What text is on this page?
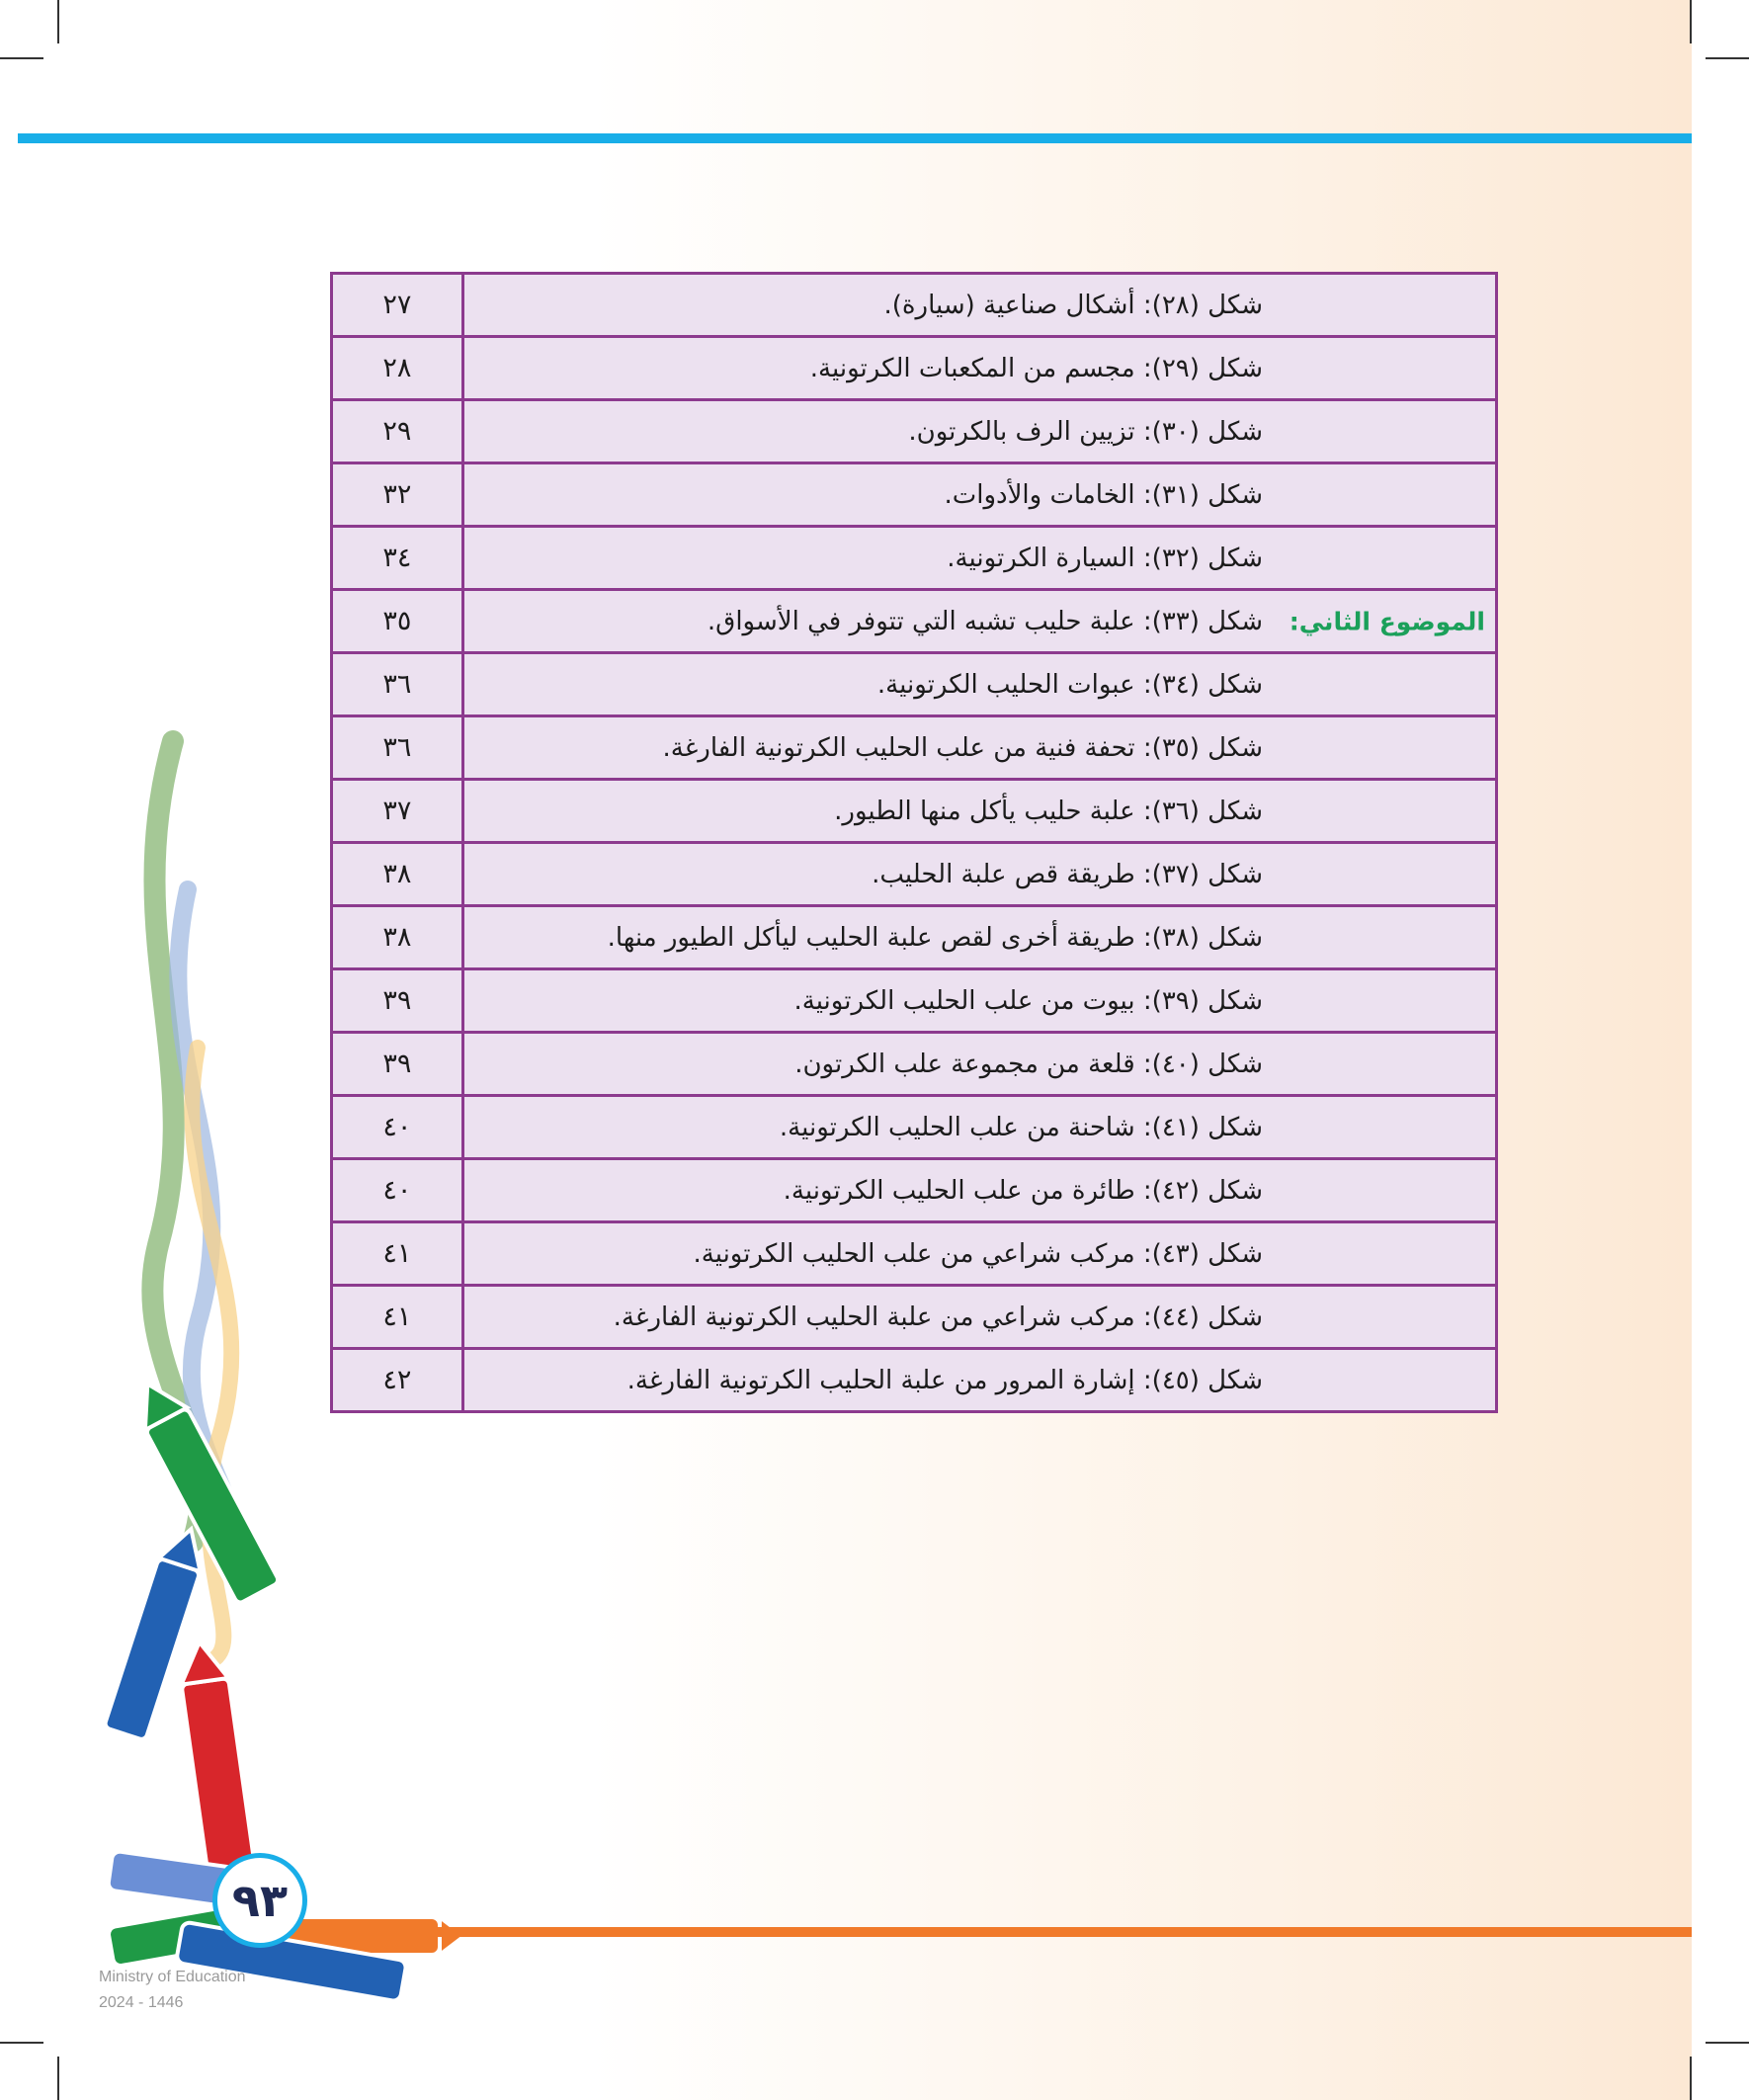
شكل (٢٨): أشكال صناعية (سيارة).	٢٧

شكل (٢٩): مجسم من المكعبات الكرتونية.	٢٨

شكل (٣٠): تزيين الرف بالكرتون.	٢٩

شكل (٣١): الخامات والأدوات.	٣٢

شكل (٣٢): السيارة الكرتونية.	٣٤

شكل (٣٣): علبة حليب تشبه التي تتوفر في الأسواق. الموضوع الثاني:	٣٥

شكل (٣٤): عبوات الحليب الكرتونية.	٣٦

شكل (٣٥): تحفة فنية من علب الحليب الكرتونية الفارغة.	٣٦

شكل (٣٦): علبة حليب يأكل منها الطيور.	٣٧

شكل (٣٧): طريقة قص علبة الحليب.	٣٨

شكل (٣٨): طريقة أخرى لقص علبة الحليب ليأكل الطيور منها.	٣٨

شكل (٣٩): بيوت من علب الحليب الكرتونية.	٣٩

شكل (٤٠): قلعة من مجموعة علب الكرتون.	٣٩

شكل (٤١): شاحنة من علب الحليب الكرتونية.	٤٠

شكل (٤٢): طائرة من علب الحليب الكرتونية.	٤٠

شكل (٤٣): مركب شراعي من علب الحليب الكرتونية.	٤١

شكل (٤٤): مركب شراعي من علبة الحليب الكرتونية الفارغة.	٤١

شكل (٤٥): إشارة المرور من علبة الحليب الكرتونية الفارغة.	٤٢
٩٣
Ministry of Education
2024 - 1446
